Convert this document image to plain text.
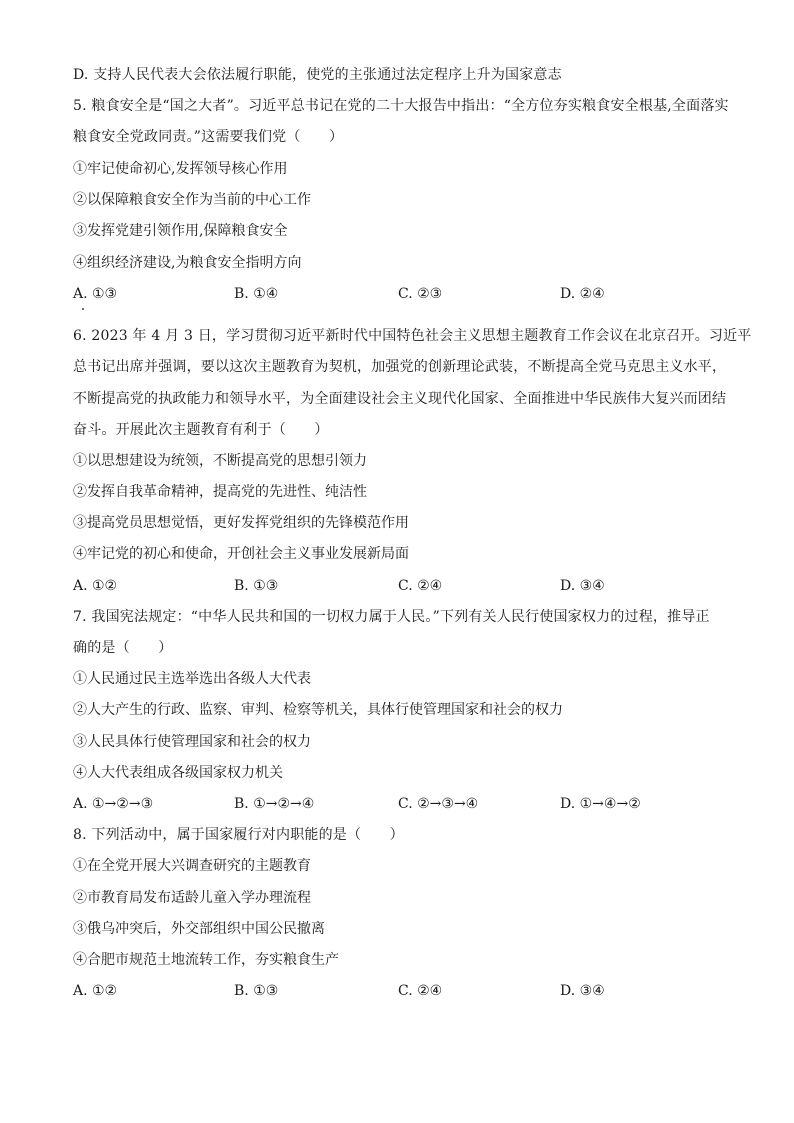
D. 支持人民代表大会依法履行职能，使党的主张通过法定程序上升为国家意志
5. 粮食安全是“国之大者”。习近平总书记在党的二十大报告中指出：“全方位夯实粮食安全根基,全面落实
粮食安全党政同责。”这需要我们党（　　）
①牢记使命初心,发挥领导核心作用
②以保障粮食安全作为当前的中心工作
③发挥党建引领作用,保障粮食安全
④组织经济建设,为粮食安全指明方向
A. ①③	B. ①④	C. ②③	D. ②④
6. 2023 年 4 月 3 日，学习贯彻习近平新时代中国特色社会主义思想主题教育工作会议在北京召开。习近平
总书记出席并强调，要以这次主题教育为契机，加强党的创新理论武装，不断提高全党马克思主义水平，
不断提高党的执政能力和领导水平，为全面建设社会主义现代化国家、全面推进中华民族伟大复兴而团结
奋斗。开展此次主题教育有利于（　　）
①以思想建设为统领，不断提高党的思想引领力
②发挥自我革命精神，提高党的先进性、纯洁性
③提高党员思想觉悟，更好发挥党组织的先锋模范作用
④牢记党的初心和使命，开创社会主义事业发展新局面
A. ①②	B. ①③	C. ②④	D. ③④
7. 我国宪法规定：“中华人民共和国的一切权力属于人民。”下列有关人民行使国家权力的过程，推导正
确的是（　　）
①人民通过民主选举选出各级人大代表
②人大产生的行政、监察、审判、检察等机关，具体行使管理国家和社会的权力
③人民具体行使管理国家和社会的权力
④人大代表组成各级国家权力机关
A. ①→②→③	B. ①→②→④	C. ②→③→④	D. ①→④→②
8. 下列活动中，属于国家履行对内职能的是（　　）
①在全党开展大兴调查研究的主题教育
②市教育局发布适龄儿童入学办理流程
③俄乌冲突后，外交部组织中国公民撤离
④合肥市规范土地流转工作，夯实粮食生产
A. ①②	B. ①③	C. ②④	D. ③④
